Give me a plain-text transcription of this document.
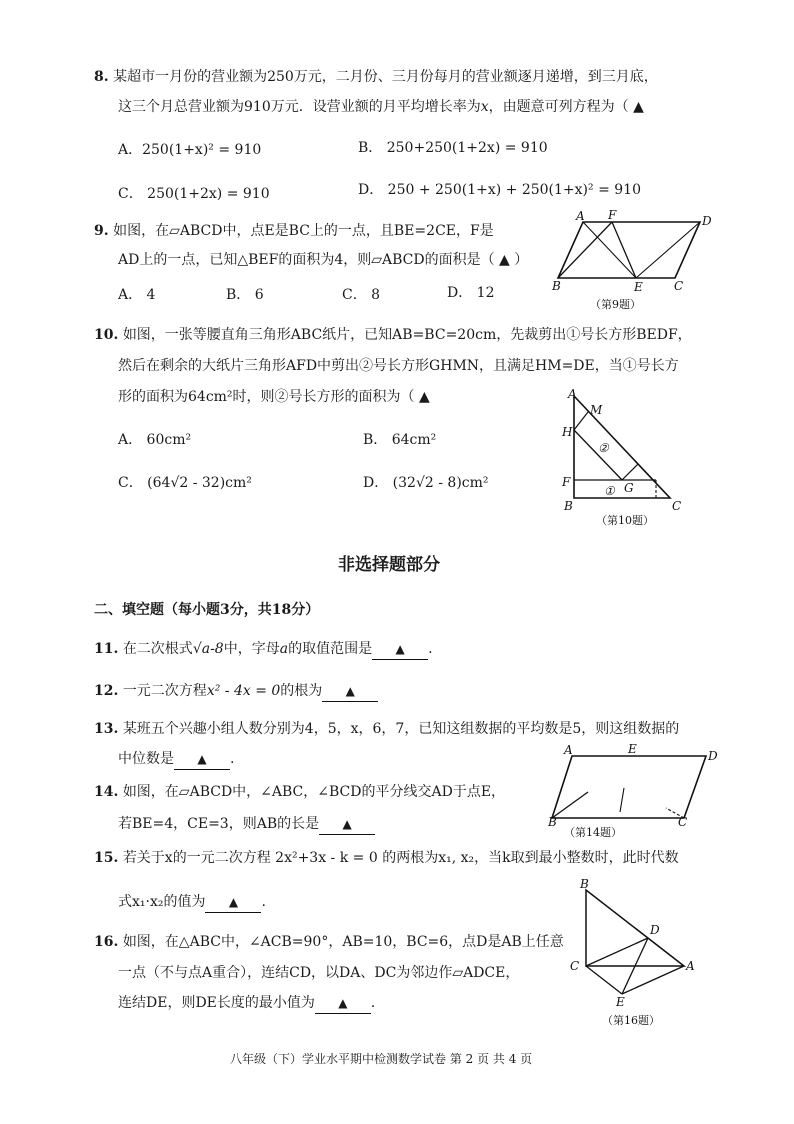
8. 某超市一月份的营业额为250万元，二月份、三月份每月的营业额逐月递增，到三月底，
这三个月总营业额为910万元．设营业额的月平均增长率为x，由题意可列方程为（ ▲
A．250(1+x)² = 910	B． 250+250(1+2x) = 910
C． 250(1+2x) = 910	D． 250 + 250(1+x) + 250(1+x)² = 910
9. 如图，在▱ABCD中，点E是BC上的一点，且BE=2CE，F是
AD上的一点，已知△BEF的面积为4，则▱ABCD的面积是（ ▲ ）
A． 4	B． 6	C． 8	D． 12
A F	D
B	E	C
（第9题）
10. 如图，一张等腰直角三角形ABC纸片，已知AB=BC=20cm，先裁剪出①号长方形BEDF，
然后在剩余的大纸片三角形AFD中剪出②号长方形GHMN，且满足HM=DE，当①号长方
形的面积为64cm²时，则②号长方形的面积为（ ▲
A． 60cm²	B． 64cm²
C． (64√2 - 32)cm²	D． (32√2 - 8)cm²
A
M
H
②
F
① G
B	C
（第10题）
非选择题部分
二、填空题（每小题3分，共18分）
11. 在二次根式√a-8中，字母a的取值范围是 ▲ .
12. 一元二次方程x² - 4x = 0的根为 ▲
13. 某班五个兴趣小组人数分别为4，5，x，6，7，已知这组数据的平均数是5，则这组数据的
中位数是 ▲ .
14. 如图，在▱ABCD中，∠ABC，∠BCD的平分线交AD于点E，
若BE=4，CE=3，则AB的长是 ▲
A	E	D
B	C
（第14题）
15. 若关于x的一元二次方程 2x²+3x - k = 0 的两根为x₁, x₂，当k取到最小整数时，此时代数
式x₁·x₂的值为 ▲ .
16. 如图，在△ABC中，∠ACB=90°，AB=10，BC=6，点D是AB上任意
一点（不与点A重合），连结CD，以DA、DC为邻边作▱ADCE，
连结DE，则DE长度的最小值为 ▲ ．
B
D
C	A
E
（第16题）
八年级（下）学业水平期中检测数学试卷 第 2 页 共 4 页
